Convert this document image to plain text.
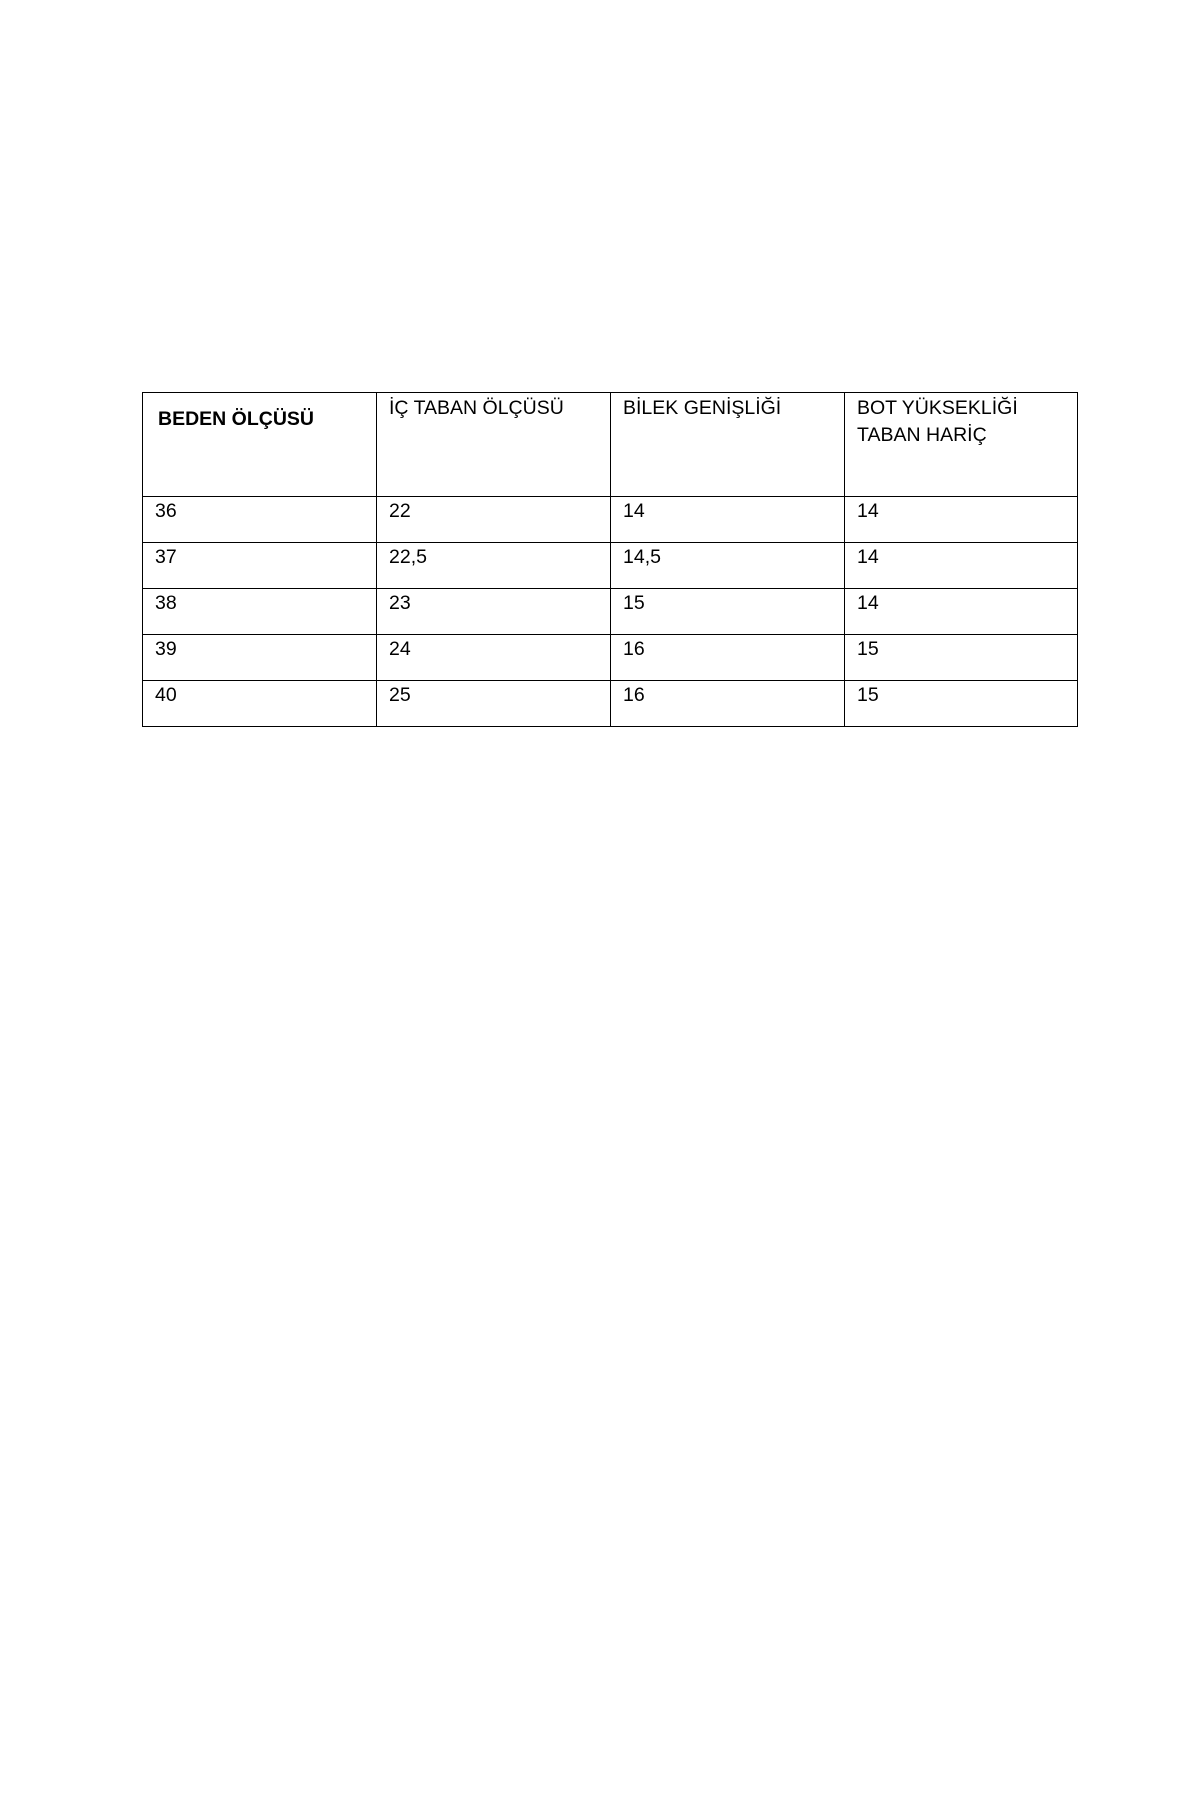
BEDEN ÖLÇÜSÜ	İÇ TABAN ÖLÇÜSÜ	BİLEK GENİŞLİĞİ	BOT YÜKSEKLİĞİ TABAN HARİÇ
36	22	14	14
37	22,5	14,5	14
38	23	15	14
39	24	16	15
40	25	16	15
